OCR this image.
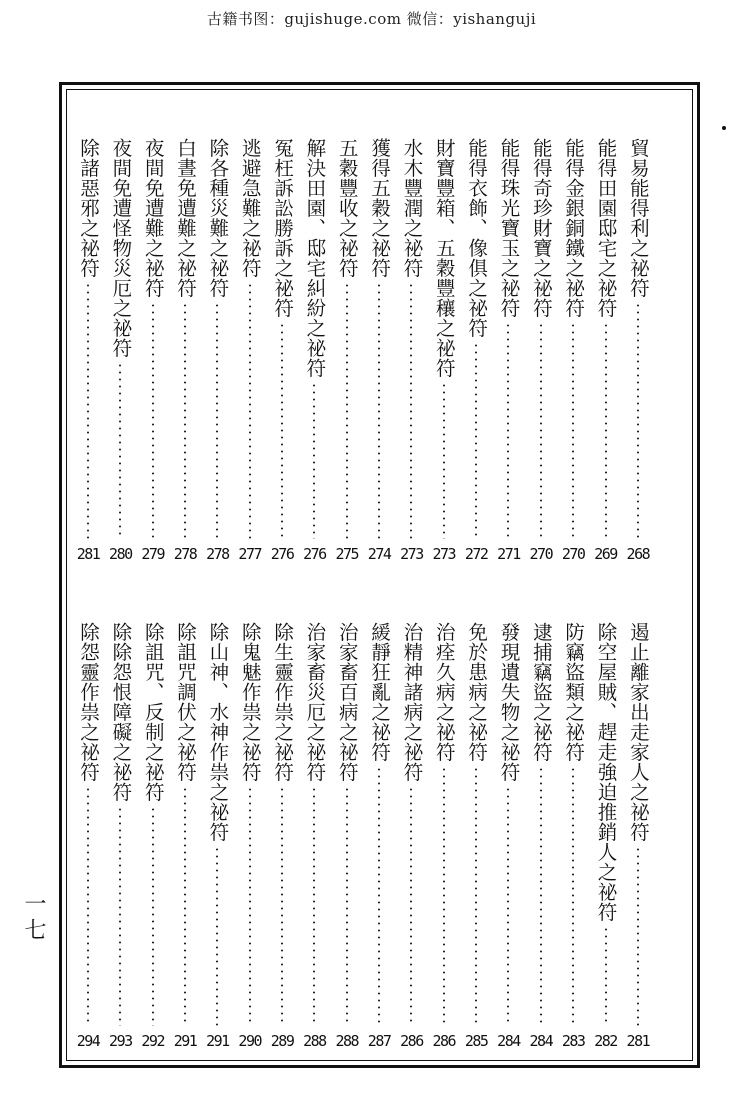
古籍书图：gujishuge.com 微信：yishanguji
貿易能得利之祕符
268
能得田園邸宅之祕符
269
能得金銀銅鐵之祕符
270
能得奇珍財寶之祕符
270
能得珠光寶玉之祕符
271
能得衣飾、像俱之祕符
272
財寶豐箱、五穀豐穰之祕符
273
水木豐潤之祕符
273
獲得五穀之祕符
274
五穀豐收之祕符
275
解決田園、邸宅糾紛之祕符
276
冤枉訴訟勝訴之祕符
276
逃避急難之祕符
277
除各種災難之祕符
278
白晝免遭難之祕符
278
夜間免遭難之祕符
279
夜間免遭怪物災厄之祕符
280
除諸惡邪之祕符
281
遏止離家出走家人之祕符
281
除空屋賊、趕走強迫推銷人之祕符
282
防竊盜類之祕符
283
逮捕竊盜之祕符
284
發現遺失物之祕符
284
免於患病之祕符
285
治痊久病之祕符
286
治精神諸病之祕符
286
緩靜狂亂之祕符
287
治家畜百病之祕符
288
治家畜災厄之祕符
288
除生靈作祟之祕符
289
除鬼魅作祟之祕符
290
除山神、水神作祟之祕符
291
除詛咒調伏之祕符
291
除詛咒、反制之祕符
292
除除怨恨障礙之祕符
293
除怨靈作祟之祕符
294
一七
